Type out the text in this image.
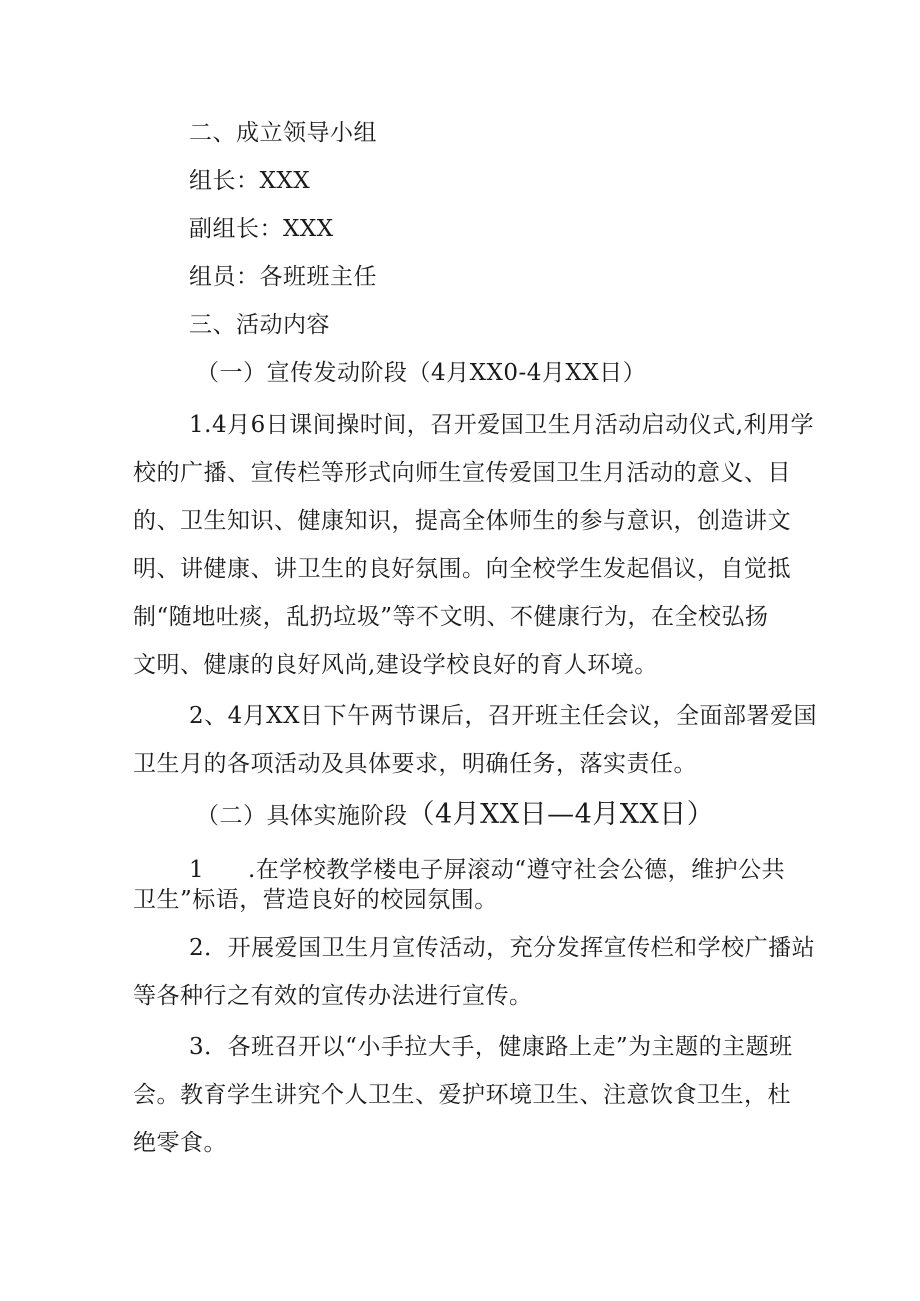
二、成立领导小组
组长：XXX
副组长：XXX
组员：各班班主任
三、活动内容
（一）宣传发动阶段（4月XX0-4月XX日）
1.4月6日课间操时间，召开爱国卫生月活动启动仪式,利用学
校的广播、宣传栏等形式向师生宣传爱国卫生月活动的意义、目
的、卫生知识、健康知识，提高全体师生的参与意识，创造讲文
明、讲健康、讲卫生的良好氛围。向全校学生发起倡议，自觉抵
制“随地吐痰，乱扔垃圾”等不文明、不健康行为，在全校弘扬
文明、健康的良好风尚,建设学校良好的育人环境。
2、4月XX日下午两节课后，召开班主任会议，全面部署爱国
卫生月的各项活动及具体要求，明确任务，落实责任。
（二）具体实施阶段（4月XX日—4月XX日）
1 .在学校教学楼电子屏滚动“遵守社会公德，维护公共
卫生”标语，营造良好的校园氛围。
2．开展爱国卫生月宣传活动，充分发挥宣传栏和学校广播站
等各种行之有效的宣传办法进行宣传。
3．各班召开以“小手拉大手，健康路上走”为主题的主题班
会。教育学生讲究个人卫生、爱护环境卫生、注意饮食卫生，杜
绝零食。
